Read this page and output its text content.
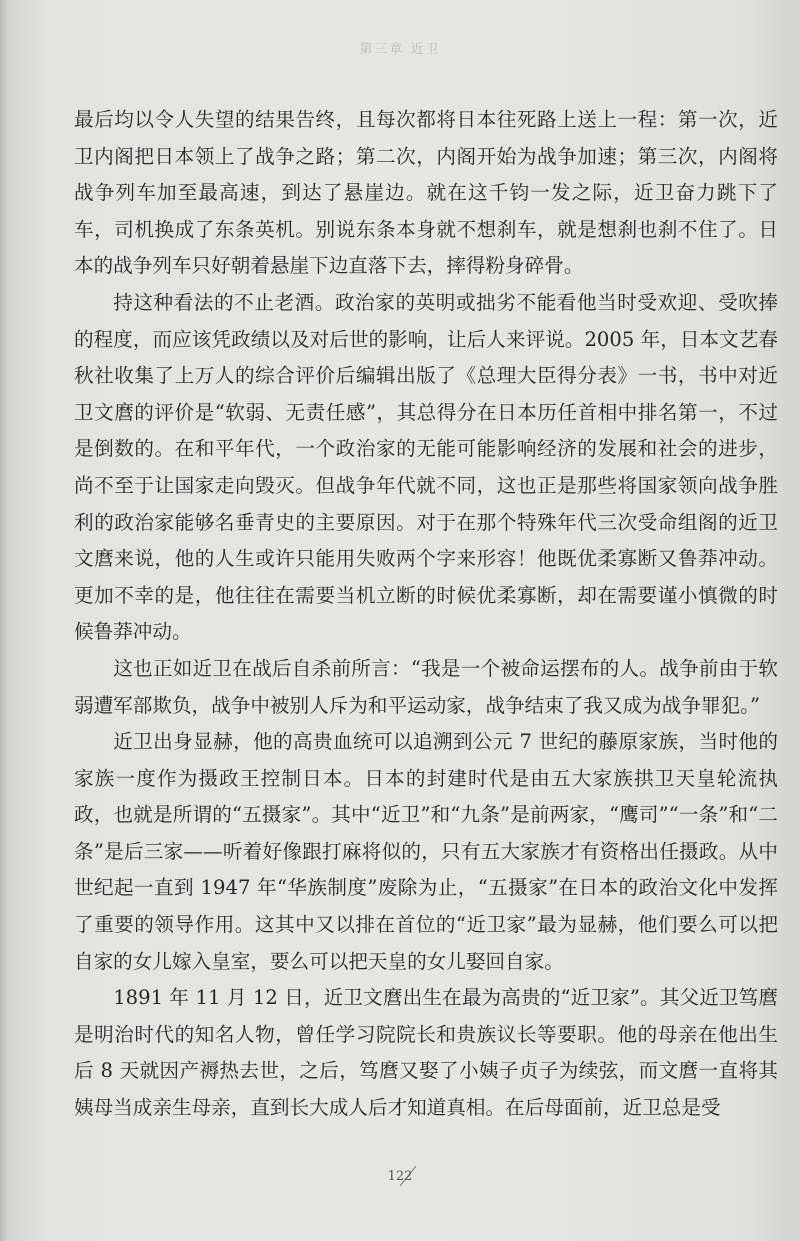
第三章 近卫

最后均以令人失望的结果告终，且每次都将日本往死路上送上一程：第一次，近卫内阁把日本领上了战争之路；第二次，内阁开始为战争加速；第三次，内阁将战争列车加至最高速，到达了悬崖边。就在这千钧一发之际，近卫奋力跳下了车，司机换成了东条英机。别说东条本身就不想刹车，就是想刹也刹不住了。日本的战争列车只好朝着悬崖下边直落下去，摔得粉身碎骨。

持这种看法的不止老酒。政治家的英明或拙劣不能看他当时受欢迎、受吹捧的程度，而应该凭政绩以及对后世的影响，让后人来评说。2005 年，日本文艺春秋社收集了上万人的综合评价后编辑出版了《总理大臣得分表》一书，书中对近卫文麿的评价是“软弱、无责任感”，其总得分在日本历任首相中排名第一，不过是倒数的。在和平年代，一个政治家的无能可能影响经济的发展和社会的进步，尚不至于让国家走向毁灭。但战争年代就不同，这也正是那些将国家领向战争胜利的政治家能够名垂青史的主要原因。对于在那个特殊年代三次受命组阁的近卫文麿来说，他的人生或许只能用失败两个字来形容！他既优柔寡断又鲁莽冲动。更加不幸的是，他往往在需要当机立断的时候优柔寡断，却在需要谨小慎微的时候鲁莽冲动。

这也正如近卫在战后自杀前所言：“我是一个被命运摆布的人。战争前由于软弱遭军部欺负，战争中被别人斥为和平运动家，战争结束了我又成为战争罪犯。”

近卫出身显赫，他的高贵血统可以追溯到公元 7 世纪的藤原家族，当时他的家族一度作为摄政王控制日本。日本的封建时代是由五大家族拱卫天皇轮流执政，也就是所谓的“五摄家”。其中“近卫”和“九条”是前两家，“鹰司”“一条”和“二条”是后三家——听着好像跟打麻将似的，只有五大家族才有资格出任摄政。从中世纪起一直到 1947 年“华族制度”废除为止，“五摄家”在日本的政治文化中发挥了重要的领导作用。这其中又以排在首位的“近卫家”最为显赫，他们要么可以把自家的女儿嫁入皇室，要么可以把天皇的女儿娶回自家。

1891 年 11 月 12 日，近卫文麿出生在最为高贵的“近卫家”。其父近卫笃麿是明治时代的知名人物，曾任学习院院长和贵族议长等要职。他的母亲在他出生后 8 天就因产褥热去世，之后，笃麿又娶了小姨子贞子为续弦，而文麿一直将其姨母当成亲生母亲，直到长大成人后才知道真相。在后母面前，近卫总是受

122
